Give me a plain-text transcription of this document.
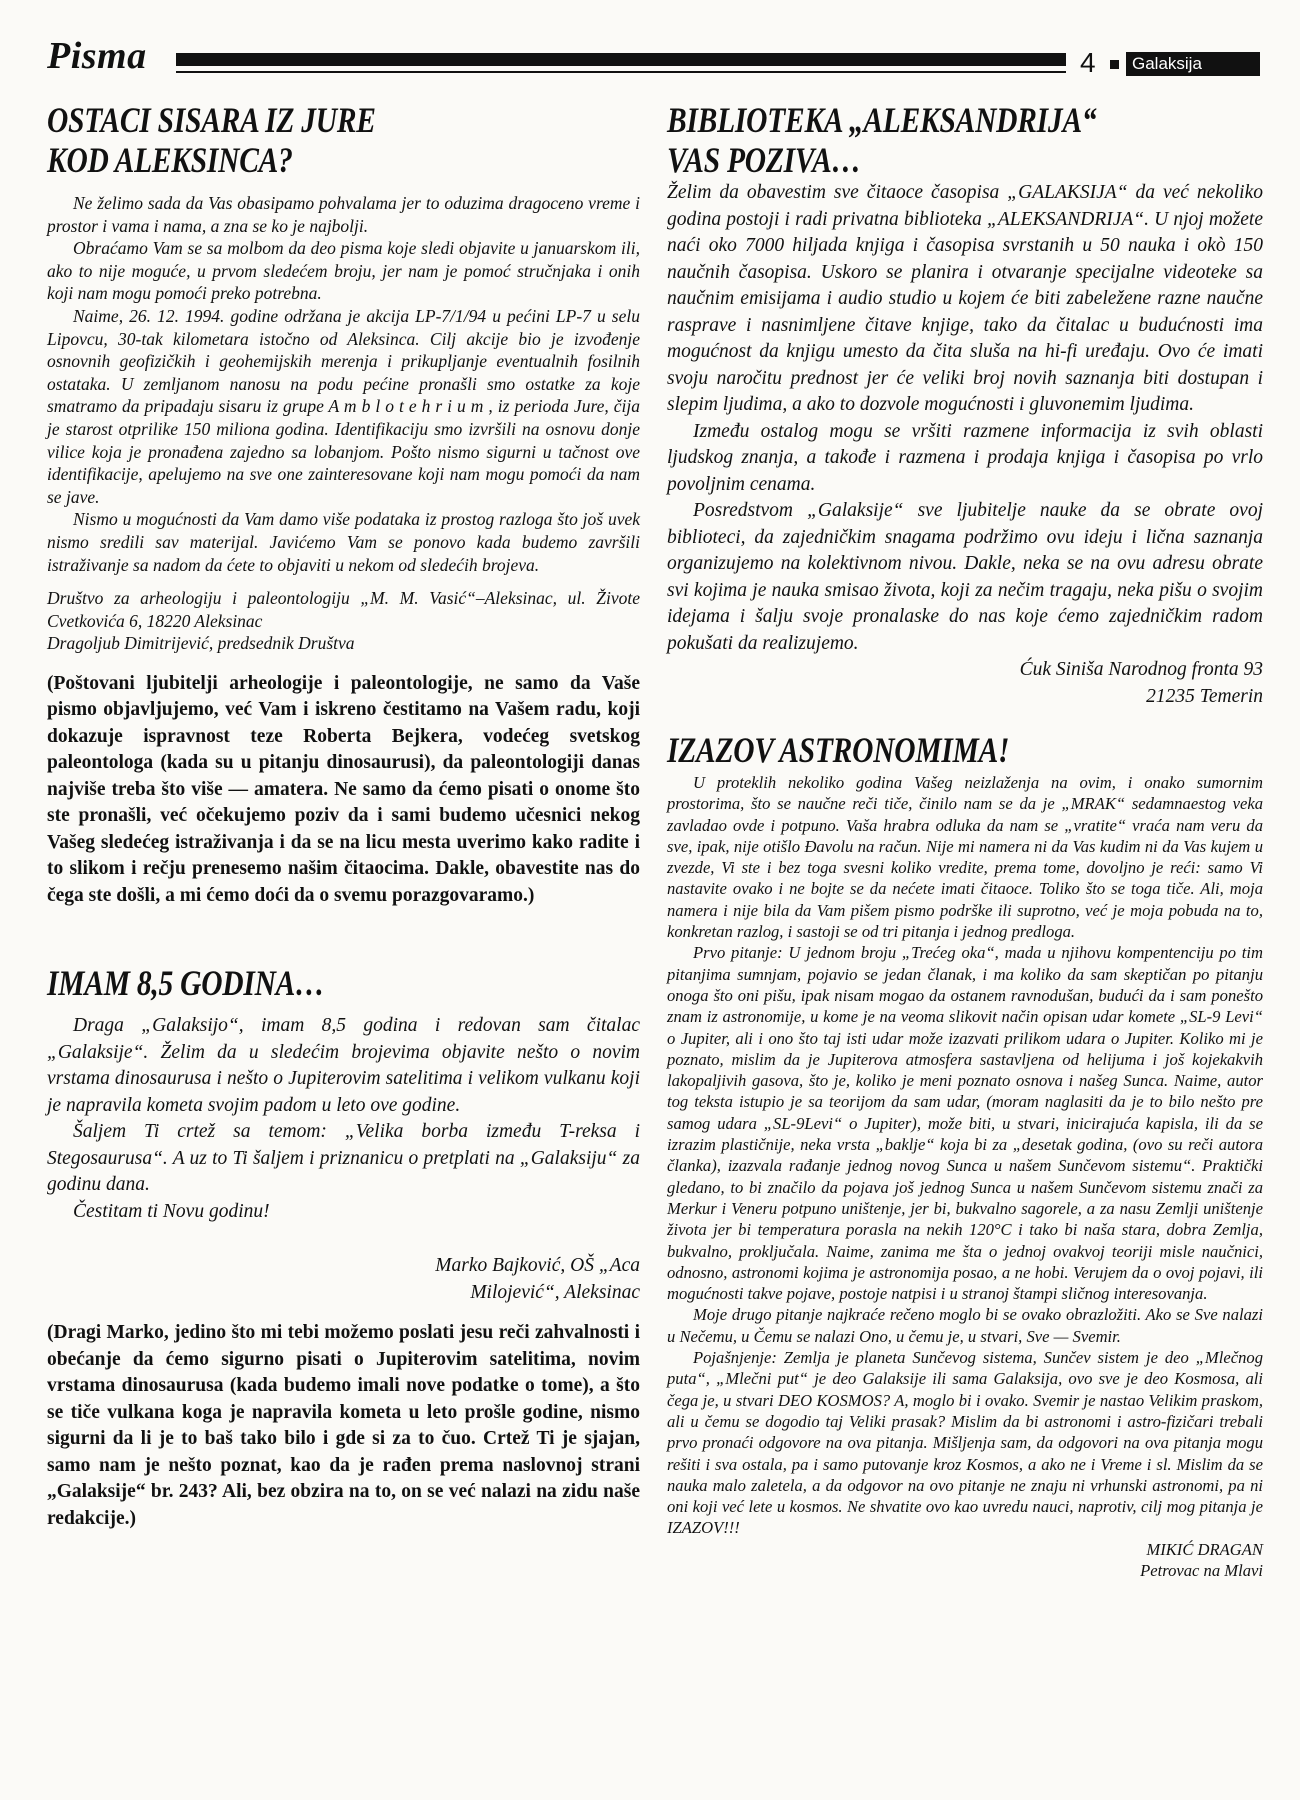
Pisma	4	Galaksija
OSTACI SISARA IZ JURE
KOD ALEKSINCA?

Ne želimo sada da Vas obasipamo pohvalama jer to oduzima dragoceno vreme i prostor i vama i nama, a zna se ko je najbolji.

Obraćamo Vam se sa molbom da deo pisma koje sledi objavite u januarskom ili, ako to nije moguće, u prvom sledećem broju, jer nam je pomoć stručnjaka i onih koji nam mogu pomoći preko potrebna.

Naime, 26. 12. 1994. godine održana je akcija LP-7/1/94 u pećini LP-7 u selu Lipovcu, 30-tak kilometara istočno od Aleksinca. Cilj akcije bio je izvođenje osnovnih geofizičkih i geohemijskih merenja i prikupljanje eventualnih fosilnih ostataka. U zemljanom nanosu na podu pećine pronašli smo ostatke za koje smatramo da pripadaju sisaru iz grupe A m b l o t e h r i u m , iz perioda Jure, čija je starost otprilike 150 miliona godina. Identifikaciju smo izvršili na osnovu donje vilice koja je pronađena zajedno sa lobanjom. Pošto nismo sigurni u tačnost ove identifikacije, apelujemo na sve one zainteresovane koji nam mogu pomoći da nam se jave.

Nismo u mogućnosti da Vam damo više podataka iz prostog razloga što još uvek nismo sredili sav materijal. Javićemo Vam se ponovo kada budemo završili istraživanje sa nadom da ćete to objaviti u nekom od sledećih brojeva.

Društvo za arheologiju i paleontologiju „M. M. Vasić“–Aleksinac, ul. Živote Cvetkovića 6, 18220 Aleksinac

Dragoljub Dimitrijević, predsednik Društva

(Poštovani ljubitelji arheologije i paleontologije, ne samo da Vaše pismo objavljujemo, već Vam i iskreno čestitamo na Vašem radu, koji dokazuje ispravnost teze Roberta Bejkera, vodećeg svetskog paleontologa (kada su u pitanju dinosaurusi), da paleontologiji danas najviše treba što više — amatera. Ne samo da ćemo pisati o onome što ste pronašli, već očekujemo poziv da i sami budemo učesnici nekog Vašeg sledećeg istraživanja i da se na licu mesta uverimo kako radite i to slikom i rečju prenesemo našim čitaocima. Dakle, obavestite nas do čega ste došli, a mi ćemo doći da o svemu porazgovaramo.)

IMAM 8,5 GODINA…

Draga „Galaksijo“, imam 8,5 godina i redovan sam čitalac „Galaksije“. Želim da u sledećim brojevima objavite nešto o novim vrstama dinosaurusa i nešto o Jupiterovim satelitima i velikom vulkanu koji je napravila kometa svojim padom u leto ove godine.

Šaljem Ti crtež sa temom: „Velika borba između T-reksa i Stegosaurusa“. A uz to Ti šaljem i priznanicu o pretplati na „Galaksiju“ za godinu dana.

Čestitam ti Novu godinu!

Marko Bajković, OŠ „Aca
Milojević“, Aleksinac

(Dragi Marko, jedino što mi tebi možemo poslati jesu reči zahvalnosti i obećanje da ćemo sigurno pisati o Jupiterovim satelitima, novim vrstama dinosaurusa (kada budemo imali nove podatke o tome), a što se tiče vulkana koga je napravila kometa u leto prošle godine, nismo sigurni da li je to baš tako bilo i gde si za to čuo. Crtež Ti je sjajan, samo nam je nešto poznat, kao da je rađen prema naslovnoj strani „Galaksije“ br. 243? Ali, bez obzira na to, on se već nalazi na zidu naše redakcije.)

BIBLIOTEKA „ALEKSANDRIJA“
VAS POZIVA…

Želim da obavestim sve čitaoce časopisa „GALAKSIJA“ da već nekoliko godina postoji i radi privatna biblioteka „ALEKSANDRIJA“. U njoj možete naći oko 7000 hiljada knjiga i časopisa svrstanih u 50 nauka i okò 150 naučnih časopisa. Uskoro se planira i otvaranje specijalne videoteke sa naučnim emisijama i audio studio u kojem će biti zabeležene razne naučne rasprave i nasnimljene čitave knjige, tako da čitalac u budućnosti ima mogućnost da knjigu umesto da čita sluša na hi-fi uređaju. Ovo će imati svoju naročitu prednost jer će veliki broj novih saznanja biti dostupan i slepim ljudima, a ako to dozvole mogućnosti i gluvonemim ljudima.

Između ostalog mogu se vršiti razmene informacija iz svih oblasti ljudskog znanja, a takođe i razmena i prodaja knjiga i časopisa po vrlo povoljnim cenama.

Posredstvom „Galaksije“ sve ljubitelje nauke da se obrate ovoj biblioteci, da zajedničkim snagama podržimo ovu ideju i lična saznanja organizujemo na kolektivnom nivou. Dakle, neka se na ovu adresu obrate svi kojima je nauka smisao života, koji za nečim tragaju, neka pišu o svojim idejama i šalju svoje pronalaske do nas koje ćemo zajedničkim radom pokušati da realizujemo.

Ćuk Siniša Narodnog fronta 93
21235 Temerin
IZAZOV ASTRONOMIMA!

U proteklih nekoliko godina Vašeg neizlaženja na ovim, i onako sumornim prostorima, što se naučne reči tiče, činilo nam se da je „MRAK“ sedamnaestog veka zavladao ovde i potpuno. Vaša hrabra odluka da nam se „vratite“ vraća nam veru da sve, ipak, nije otišlo Đavolu na račun. Nije mi namera ni da Vas kudim ni da Vas kujem u zvezde, Vi ste i bez toga svesni koliko vredite, prema tome, dovoljno je reći: samo Vi nastavite ovako i ne bojte se da nećete imati čitaoce. Toliko što se toga tiče. Ali, moja namera i nije bila da Vam pišem pismo podrške ili suprotno, već je moja pobuda na to, konkretan razlog, i sastoji se od tri pitanja i jednog predloga.

Prvo pitanje: U jednom broju „Trećeg oka“, mada u njihovu kompentenciju po tim pitanjima sumnjam, pojavio se jedan članak, i ma koliko da sam skeptičan po pitanju onoga što oni pišu, ipak nisam mogao da ostanem ravnodušan, budući da i sam ponešto znam iz astronomije, u kome je na veoma slikovit način opisan udar komete „SL-9 Levi“ o Jupiter, ali i ono što taj isti udar može izazvati prilikom udara o Jupiter. Koliko mi je poznato, mislim da je Jupiterova atmosfera sastavljena od helijuma i još kojekakvih lakopaljivih gasova, što je, koliko je meni poznato osnova i našeg Sunca. Naime, autor tog teksta istupio je sa teorijom da sam udar, (moram naglasiti da je to bilo nešto pre samog udara „SL-9Levi“ o Jupiter), može biti, u stvari, inicirajuća kapisla, ili da se izrazim plastičnije, neka vrsta „baklje“ koja bi za „desetak godina, (ovo su reči autora članka), izazvala rađanje jednog novog Sunca u našem Sunčevom sistemu“. Praktički gledano, to bi značilo da pojava još jednog Sunca u našem Sunčevom sistemu znači za Merkur i Veneru potpuno uništenje, jer bi, bukvalno sagorele, a za nasu Zemlji uništenje života jer bi temperatura porasla na nekih 120°C i tako bi naša stara, dobra Zemlja, bukvalno, proključala. Naime, zanima me šta o jednoj ovakvoj teoriji misle naučnici, odnosno, astronomi kojima je astronomija posao, a ne hobi. Verujem da o ovoj pojavi, ili mogućnosti takve pojave, postoje natpisi i u stranoj štampi sličnog interesovanja.

Moje drugo pitanje najkraće rečeno moglo bi se ovako obrazložiti. Ako se Sve nalazi u Nečemu, u Čemu se nalazi Ono, u čemu je, u stvari, Sve — Svemir.

Pojašnjenje: Zemlja je planeta Sunčevog sistema, Sunčev sistem je deo „Mlečnog puta“, „Mlečni put“ je deo Galaksije ili sama Galaksija, ovo sve je deo Kosmosa, ali čega je, u stvari DEO KOSMOS? A, moglo bi i ovako. Svemir je nastao Velikim praskom, ali u čemu se dogodio taj Veliki prasak? Mislim da bi astronomi i astro-fizičari trebali prvo pronaći odgovore na ova pitanja. Mišljenja sam, da odgovori na ova pitanja mogu rešiti i sva ostala, pa i samo putovanje kroz Kosmos, a ako ne i Vreme i sl. Mislim da se nauka malo zaletela, a da odgovor na ovo pitanje ne znaju ni vrhunski astronomi, pa ni oni koji već lete u kosmos. Ne shvatite ovo kao uvredu nauci, naprotiv, cilj mog pitanja je IZAZOV!!!

MIKIĆ DRAGAN
Petrovac na Mlavi
